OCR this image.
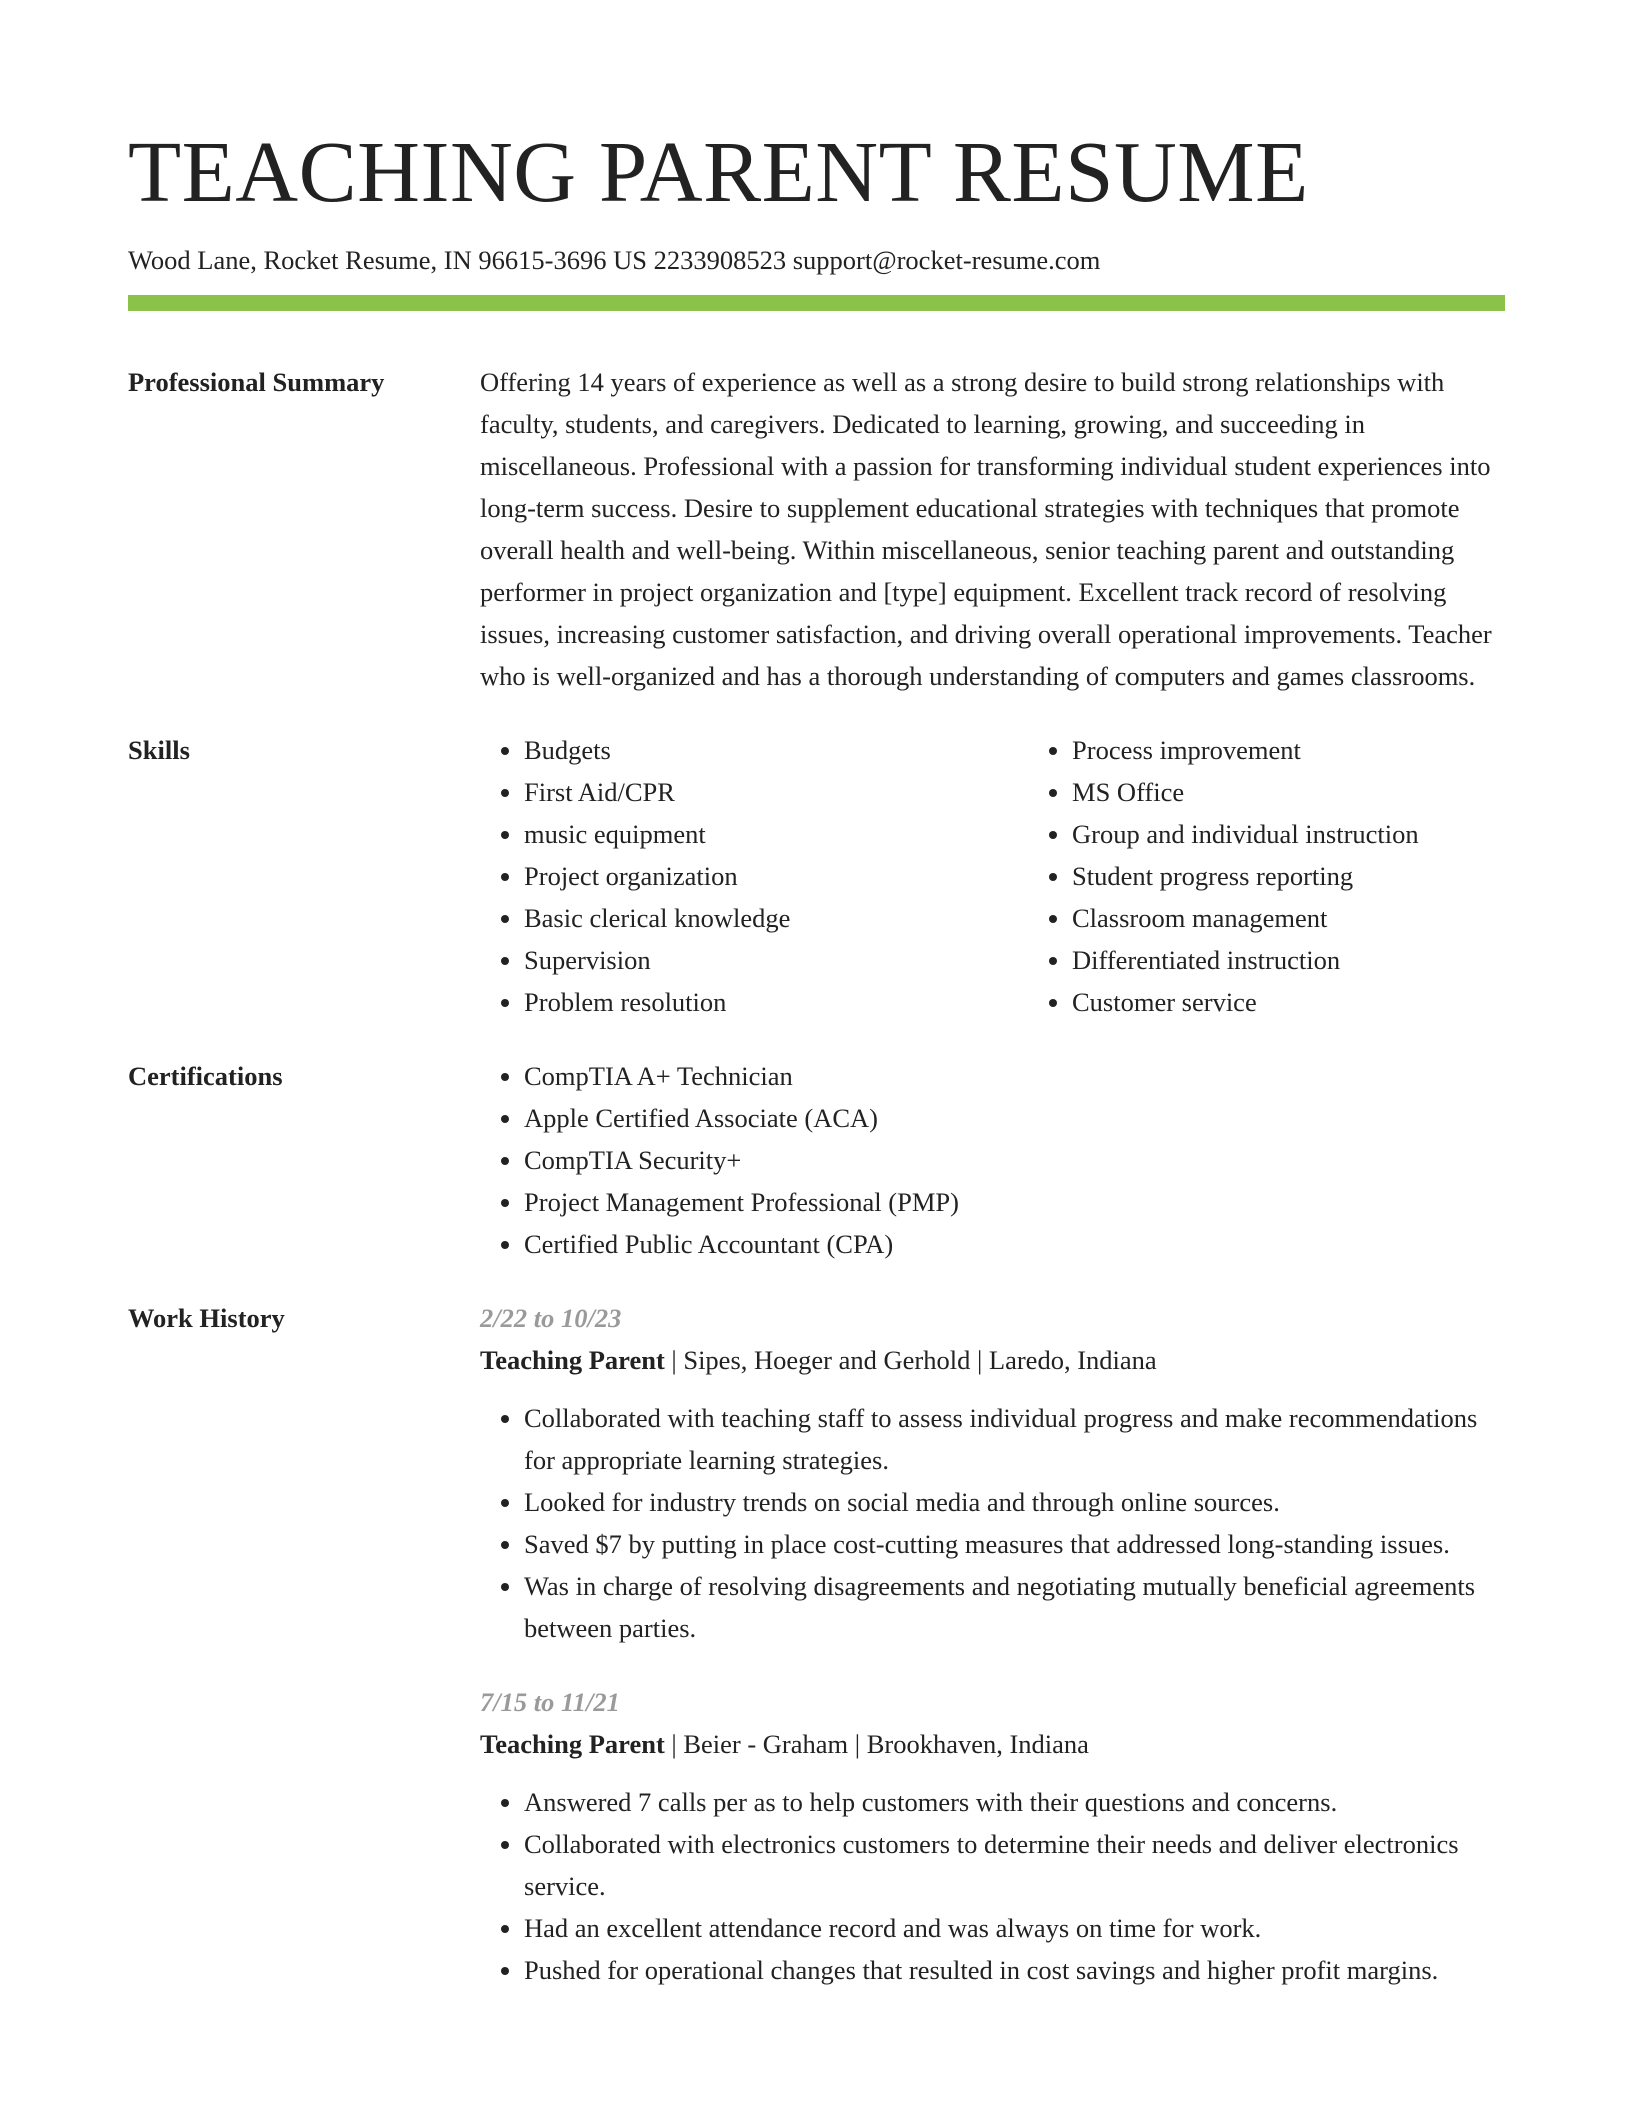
TEACHING PARENT RESUME
Wood Lane, Rocket Resume, IN 96615-3696 US 2233908523 support@rocket-resume.com
Professional Summary	Offering 14 years of experience as well as a strong desire to build strong relationships with faculty, students, and caregivers. Dedicated to learning, growing, and succeeding in miscellaneous. Professional with a passion for transforming individual student experiences into long-term success. Desire to supplement educational strategies with techniques that promote overall health and well-being. Within miscellaneous, senior teaching parent and outstanding performer in project organization and [type] equipment. Excellent track record of resolving issues, increasing customer satisfaction, and driving overall operational improvements. Teacher who is well-organized and has a thorough understanding of computers and games classrooms.
Skills	• Budgets
• First Aid/CPR
• music equipment
• Project organization
• Basic clerical knowledge
• Supervision
• Problem resolution
• Process improvement
• MS Office
• Group and individual instruction
• Student progress reporting
• Classroom management
• Differentiated instruction
• Customer service
Certifications	• CompTIA A+ Technician
• Apple Certified Associate (ACA)
• CompTIA Security+
• Project Management Professional (PMP)
• Certified Public Accountant (CPA)
Work History	2/22 to 10/23
Teaching Parent | Sipes, Hoeger and Gerhold | Laredo, Indiana
• Collaborated with teaching staff to assess individual progress and make recommendations for appropriate learning strategies.
• Looked for industry trends on social media and through online sources.
• Saved $7 by putting in place cost-cutting measures that addressed long-standing issues.
• Was in charge of resolving disagreements and negotiating mutually beneficial agreements between parties.
7/15 to 11/21
Teaching Parent | Beier - Graham | Brookhaven, Indiana
• Answered 7 calls per as to help customers with their questions and concerns.
• Collaborated with electronics customers to determine their needs and deliver electronics service.
• Had an excellent attendance record and was always on time for work.
• Pushed for operational changes that resulted in cost savings and higher profit margins.
